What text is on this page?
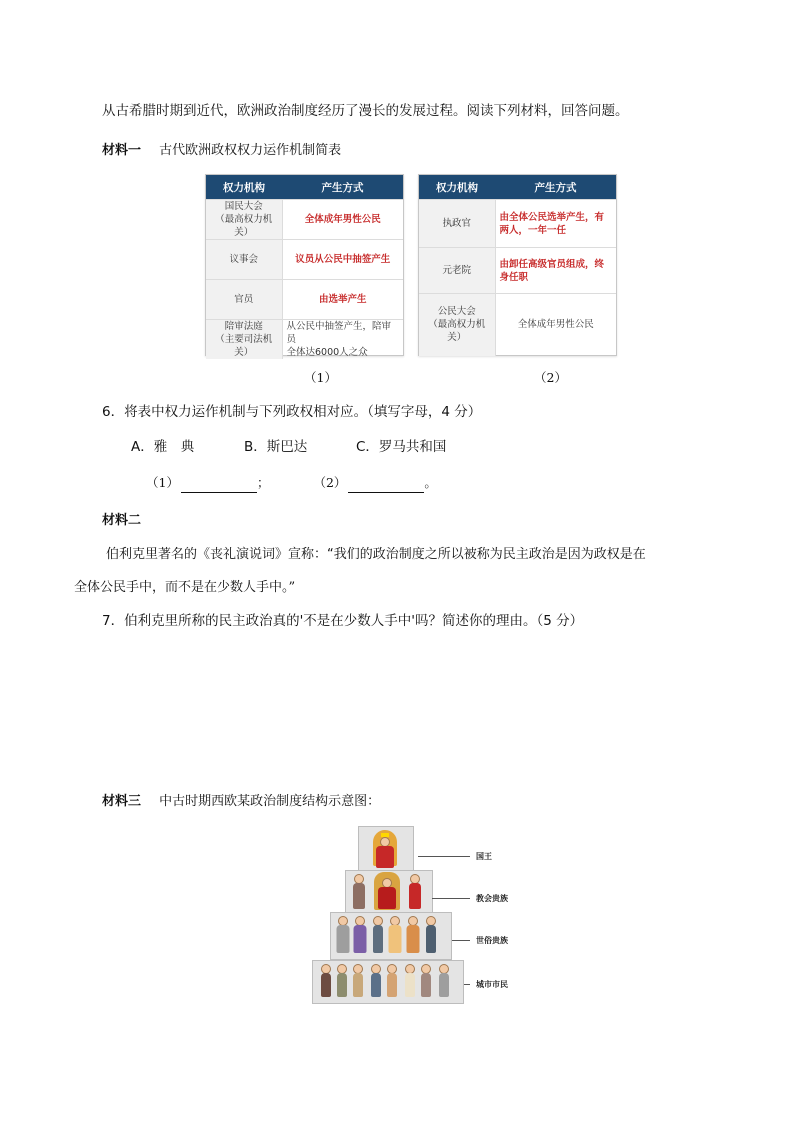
从古希腊时期到近代，欧洲政治制度经历了漫长的发展过程。阅读下列材料，回答问题。
材料一 古代欧洲政权权力运作机制简表
权力机构	产生方式
国民大会
（最高权力机关）	全体成年男性公民
议事会	议员从公民中抽签产生
官员	由选举产生
陪审法庭
（主要司法机关）	从公民中抽签产生，陪审员
全体达6000人之众
（1）
权力机构	产生方式
执政官	由全体公民选举产生，有
两人，一年一任
元老院	由卸任高级官员组成，终
身任职
公民大会
（最高权力机关）	全体成年男性公民
（2）
6．将表中权力运作机制与下列政权相对应。（填写字母，4 分）
A．雅　典	B．斯巴达	C．罗马共和国
（1）	；	（2）	。
材料二
伯利克里著名的《丧礼演说词》宣称：“我们的政治制度之所以被称为民主政治是因为政权是在
全体公民手中，而不是在少数人手中。”
7．伯利克里所称的民主政治真的'不是在少数人手中'吗？简述你的理由。（5 分）
材料三 中古时期西欧某政治制度结构示意图：
国王
教会贵族
世俗贵族
城市市民
